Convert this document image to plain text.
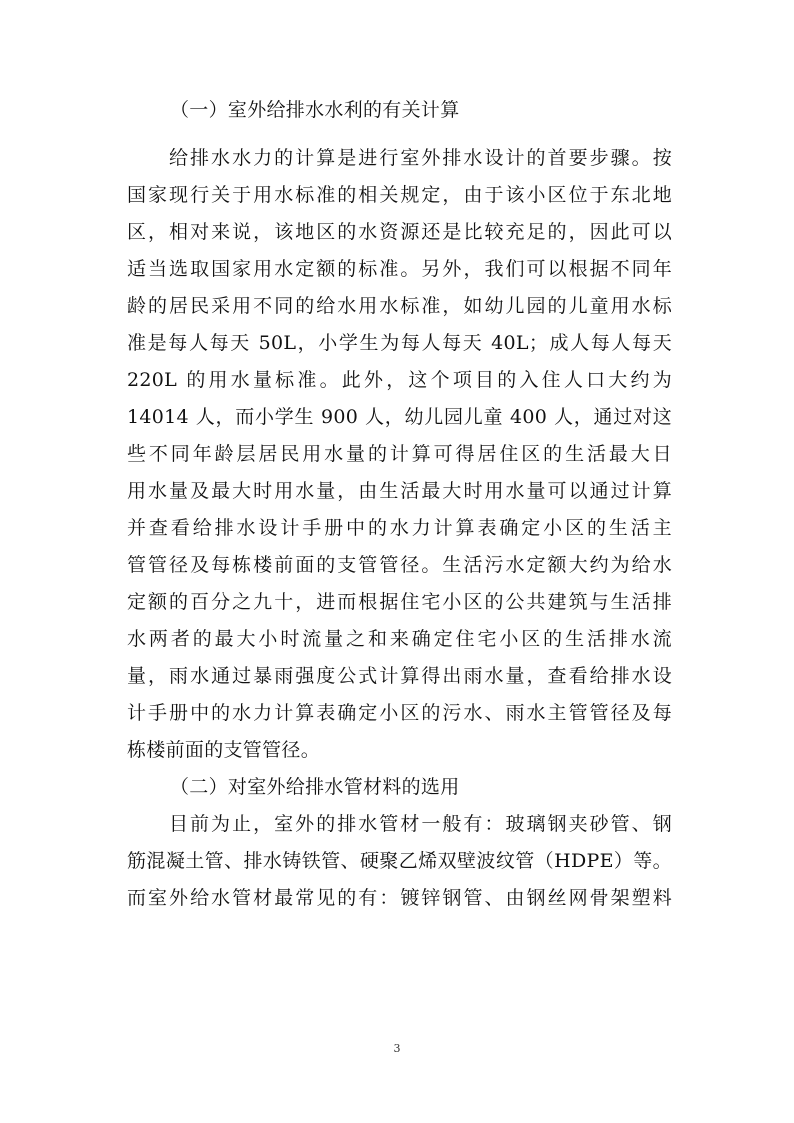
（一）室外给排水水利的有关计算
给排水水力的计算是进行室外排水设计的首要步骤。按
国家现行关于用水标准的相关规定，由于该小区位于东北地
区，相对来说，该地区的水资源还是比较充足的，因此可以
适当选取国家用水定额的标准。另外，我们可以根据不同年
龄的居民采用不同的给水用水标准，如幼儿园的儿童用水标
准是每人每天 50L，小学生为每人每天 40L；成人每人每天
220L 的用水量标准。此外，这个项目的入住人口大约为
14014 人，而小学生 900 人，幼儿园儿童 400 人，通过对这
些不同年龄层居民用水量的计算可得居住区的生活最大日
用水量及最大时用水量，由生活最大时用水量可以通过计算
并查看给排水设计手册中的水力计算表确定小区的生活主
管管径及每栋楼前面的支管管径。生活污水定额大约为给水
定额的百分之九十，进而根据住宅小区的公共建筑与生活排
水两者的最大小时流量之和来确定住宅小区的生活排水流
量，雨水通过暴雨强度公式计算得出雨水量，查看给排水设
计手册中的水力计算表确定小区的污水、雨水主管管径及每
栋楼前面的支管管径。
（二）对室外给排水管材料的选用
目前为止，室外的排水管材一般有：玻璃钢夹砂管、钢
筋混凝土管、排水铸铁管、硬聚乙烯双壁波纹管（HDPE）等。
而室外给水管材最常见的有：镀锌钢管、由钢丝网骨架塑料
3
